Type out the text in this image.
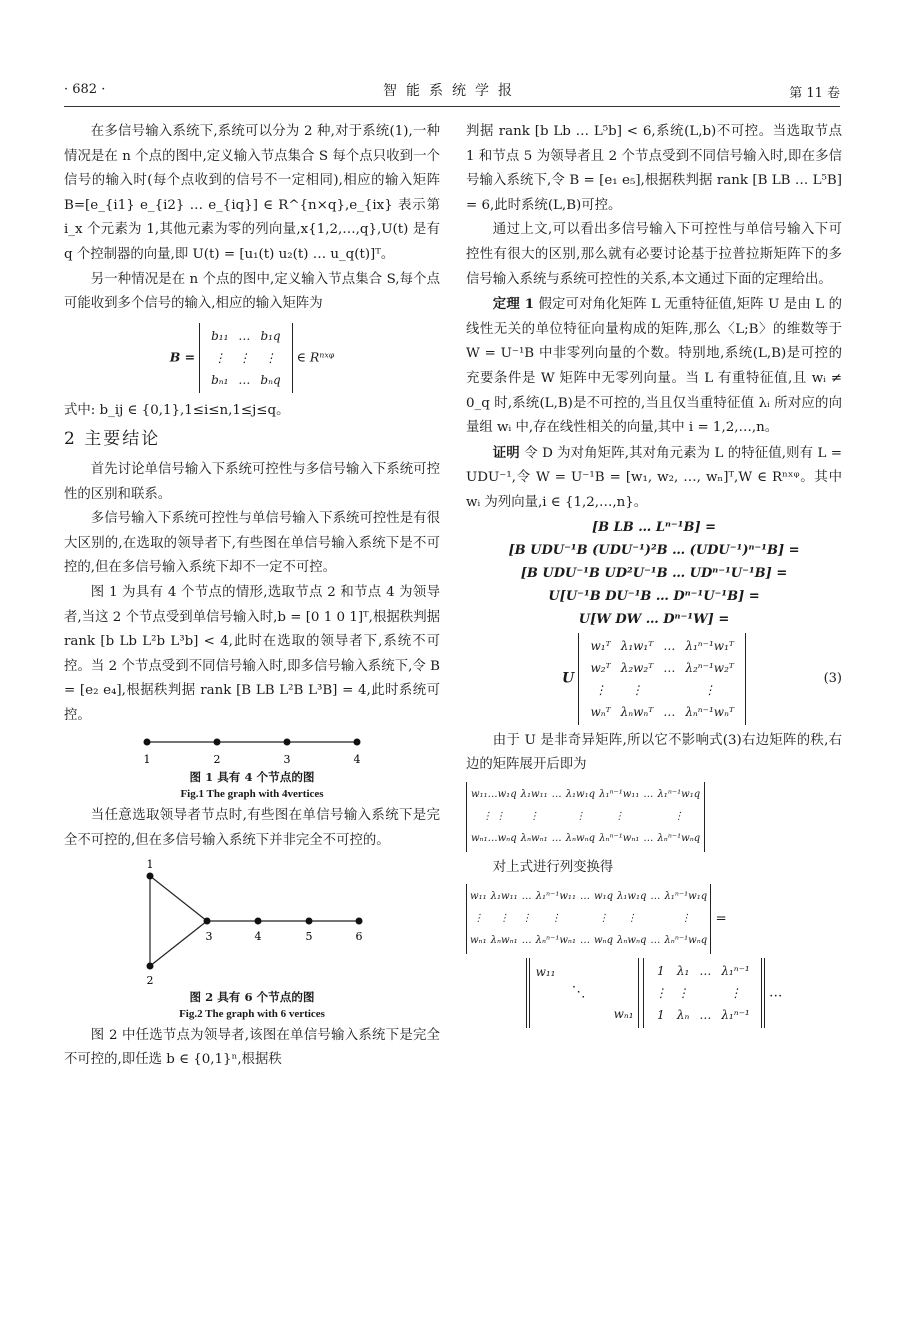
· 682 ·	智能系统学报	第 11 卷

在多信号输入系统下,系统可以分为 2 种,对于系统(1),一种情况是在 n 个点的图中,定义输入节点集合 S 每个点只收到一个信号的输入时(每个点收到的信号不一定相同),相应的输入矩阵 B=[e_{i1} e_{i2} … e_{iq}] ∈ R^{n×q},e_{ix} 表示第 i_x 个元素为 1,其他元素为零的列向量,x{1,2,…,q},U(t) 是有 q 个控制器的向量,即 U(t) = [u₁(t) u₂(t) … u_q(t)]ᵀ。

另一种情况是在 n 个点的图中,定义输入节点集合 S,每个点可能收到多个信号的输入,相应的输入矩阵为

B =
b₁₁	…	b₁q
⋮	⋮	⋮
bₙ₁	…	bₙq
∈ Rⁿˣᵠ

式中: b_ij ∈ {0,1},1≤i≤n,1≤j≤q。

2 主要结论

首先讨论单信号输入下系统可控性与多信号输入下系统可控性的区别和联系。

多信号输入下系统可控性与单信号输入下系统可控性是有很大区别的,在选取的领导者下,有些图在单信号输入系统下是不可控的,但在多信号输入系统下却不一定不可控。

图 1 为具有 4 个节点的情形,选取节点 2 和节点 4 为领导者,当这 2 个节点受到单信号输入时,b = [0 1 0 1]ᵀ,根据秩判据 rank [b Lb L²b L³b] < 4,此时在选取的领导者下,系统不可控。当 2 个节点受到不同信号输入时,即多信号输入系统下,令 B = [e₂ e₄],根据秩判据 rank [B LB L²B L³B] = 4,此时系统可控。

1	2	3	4

图 1 具有 4 个节点的图

Fig.1 The graph with 4vertices

当任意选取领导者节点时,有些图在单信号输入系统下是完全不可控的,但在多信号输入系统下并非完全不可控的。

1
2
3	4	5	6

图 2 具有 6 个节点的图

Fig.2 The graph with 6 vertices

图 2 中任选节点为领导者,该图在单信号输入系统下是完全不可控的,即任选 b ∈ {0,1}ⁿ,根据秩

判据 rank [b Lb … L⁵b] < 6,系统(L,b)不可控。当选取节点 1 和节点 5 为领导者且 2 个节点受到不同信号输入时,即在多信号输入系统下,令 B = [e₁ e₅],根据秩判据 rank [B LB … L⁵B] = 6,此时系统(L,B)可控。

通过上文,可以看出多信号输入下可控性与单信号输入下可控性有很大的区别,那么就有必要讨论基于拉普拉斯矩阵下的多信号输入系统与系统可控性的关系,本文通过下面的定理给出。

定理 1 假定可对角化矩阵 L 无重特征值,矩阵 U 是由 L 的线性无关的单位特征向量构成的矩阵,那么〈L;B〉的维数等于 W = U⁻¹B 中非零列向量的个数。特别地,系统(L,B)是可控的充要条件是 W 矩阵中无零列向量。当 L 有重特征值,且 wᵢ ≠ 0_q 时,系统(L,B)是不可控的,当且仅当重特征值 λᵢ 所对应的向量组 wᵢ 中,存在线性相关的向量,其中 i = 1,2,…,n。

证明 令 D 为对角矩阵,其对角元素为 L 的特征值,则有 L = UDU⁻¹,令 W = U⁻¹B = [w₁, w₂, …, wₙ]ᵀ,W ∈ Rⁿˣᵠ。其中 wᵢ 为列向量,i ∈ {1,2,…,n}。

[B LB … Lⁿ⁻¹B] =

[B UDU⁻¹B (UDU⁻¹)²B … (UDU⁻¹)ⁿ⁻¹B] =

[B UDU⁻¹B UD²U⁻¹B … UDⁿ⁻¹U⁻¹B] =

U[U⁻¹B DU⁻¹B … Dⁿ⁻¹U⁻¹B] =

U[W DW … Dⁿ⁻¹W] =

U
w₁ᵀ	λ₁w₁ᵀ	…	λ₁ⁿ⁻¹w₁ᵀ
w₂ᵀ	λ₂w₂ᵀ	…	λ₂ⁿ⁻¹w₂ᵀ
⋮	⋮		⋮
wₙᵀ	λₙwₙᵀ	…	λₙⁿ⁻¹wₙᵀ
(3)

由于 U 是非奇异矩阵,所以它不影响式(3)右边矩阵的秩,右边的矩阵展开后即为

w₁₁…w₁q	λ₁w₁₁	…	λ₁w₁q	λ₁ⁿ⁻¹w₁₁	…	λ₁ⁿ⁻¹w₁q
⋮ ⋮	⋮		⋮	⋮		⋮
wₙ₁…wₙq	λₙwₙ₁	…	λₙwₙq	λₙⁿ⁻¹wₙ₁	…	λₙⁿ⁻¹wₙq

对上式进行列变换得

w₁₁	λ₁w₁₁	…	λ₁ⁿ⁻¹w₁₁	…	w₁q	λ₁w₁q	…	λ₁ⁿ⁻¹w₁q
⋮	⋮	⋮	⋮		⋮	⋮		⋮
wₙ₁	λₙwₙ₁	…	λₙⁿ⁻¹wₙ₁	…	wₙq	λₙwₙq	…	λₙⁿ⁻¹wₙq
=
w₁₁
⋱
wₙ₁

1	λ₁	…	λ₁ⁿ⁻¹
⋮	⋮		⋮
1	λₙ	…	λ₁ⁿ⁻¹
…
